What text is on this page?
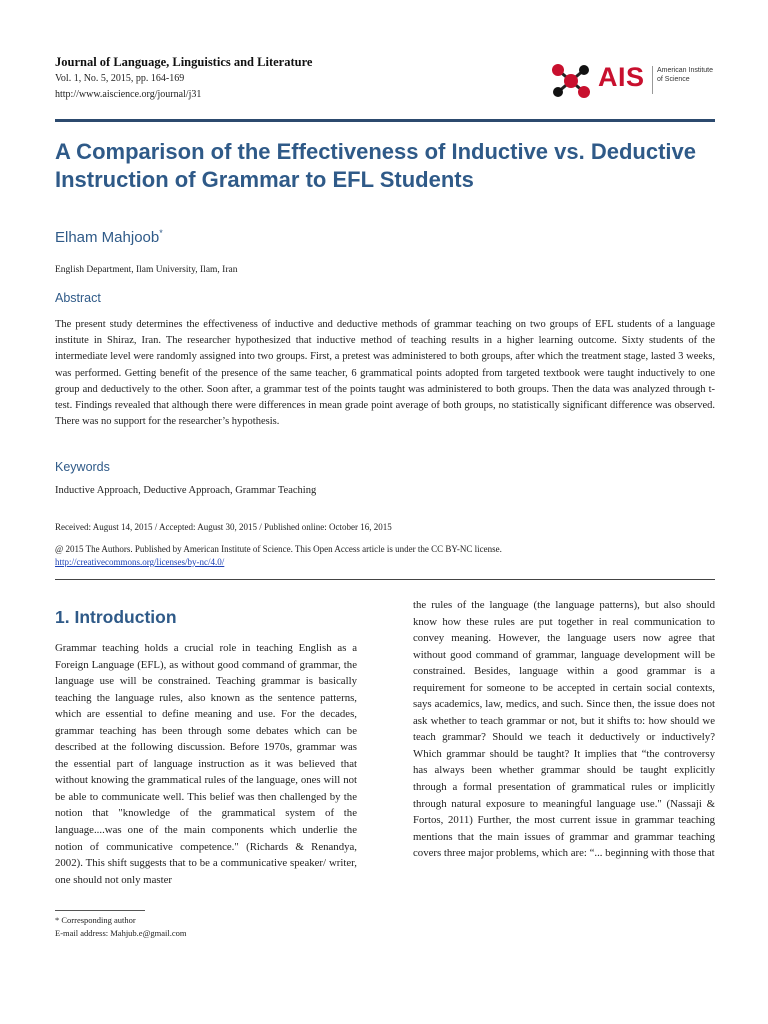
Journal of Language, Linguistics and Literature
Vol. 1, No. 5, 2015, pp. 164-169
http://www.aiscience.org/journal/j31
AIS American Institute of Science
A Comparison of the Effectiveness of Inductive vs. Deductive Instruction of Grammar to EFL Students
Elham Mahjoob*
English Department, Ilam University, Ilam, Iran
Abstract
The present study determines the effectiveness of inductive and deductive methods of grammar teaching on two groups of EFL students of a language institute in Shiraz, Iran. The researcher hypothesized that inductive method of teaching results in a higher learning outcome. Sixty students of the intermediate level were randomly assigned into two groups. First, a pretest was administered to both groups, after which the treatment stage, lasted 3 weeks, was performed. Getting benefit of the presence of the same teacher, 6 grammatical points adopted from targeted textbook were taught inductively to one group and deductively to the other. Soon after, a grammar test of the points taught was administered to both groups. Then the data was analyzed through t-test. Findings revealed that although there were differences in mean grade point average of both groups, no statistically significant difference was observed. There was no support for the researcher’s hypothesis.
Keywords
Inductive Approach, Deductive Approach, Grammar Teaching
Received: August 14, 2015 / Accepted: August 30, 2015 / Published online: October 16, 2015
@ 2015 The Authors. Published by American Institute of Science. This Open Access article is under the CC BY-NC license.
http://creativecommons.org/licenses/by-nc/4.0/
1. Introduction
Grammar teaching holds a crucial role in teaching English as a Foreign Language (EFL), as without good command of grammar, the language use will be constrained. Teaching grammar is basically teaching the language rules, also known as the sentence patterns, which are essential to define meaning and use. For the decades, grammar teaching has been through some debates which can be described at the following discussion. Before 1970s, grammar was the essential part of language instruction as it was believed that without knowing the grammatical rules of the language, ones will not be able to communicate well. This belief was then challenged by the notion that "knowledge of the grammatical system of the language....was one of the main components which underlie the notion of communicative competence." (Richards & Renandya, 2002). This shift suggests that to be a communicative speaker/ writer, one should not only master
the rules of the language (the language patterns), but also should know how these rules are put together in real communication to convey meaning. However, the language users now agree that without good command of grammar, language development will be constrained. Besides, language within a good grammar is a requirement for someone to be accepted in certain social contexts, says academics, law, medics, and such. Since then, the issue does not ask whether to teach grammar or not, but it shifts to: how should we teach grammar? Should we teach it deductively or inductively? Which grammar should be taught? It implies that “the controversy has always been whether grammar should be taught explicitly through a formal presentation of grammatical rules or implicitly through natural exposure to meaningful language use." (Nassaji & Fortos, 2011) Further, the most current issue in grammar teaching mentions that the main issues of grammar and grammar teaching covers three major problems, which are: “... beginning with those that
* Corresponding author
E-mail address: Mahjub.e@gmail.com
